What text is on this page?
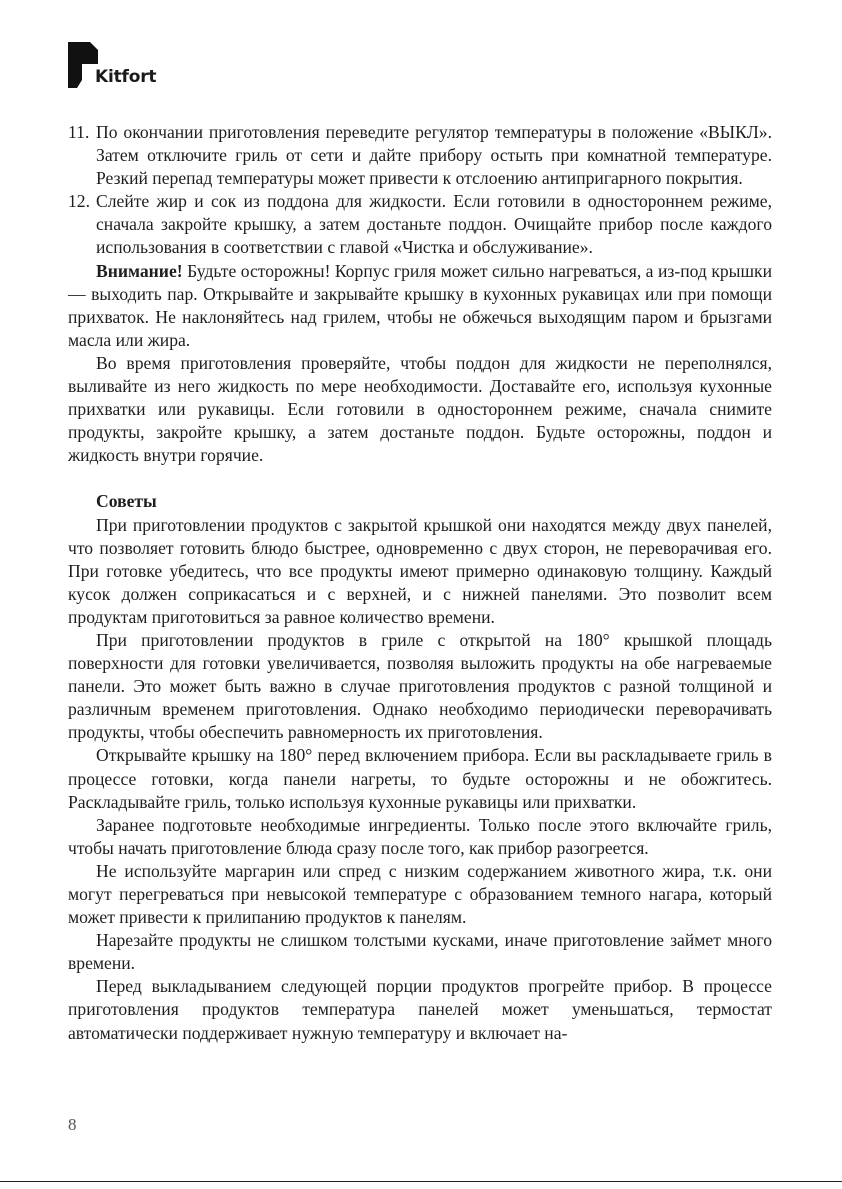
Kitfort
11. По окончании приготовления переведите регулятор температуры в положение «ВЫКЛ». Затем отключите гриль от сети и дайте прибору остыть при комнатной температуре. Резкий перепад температуры может привести к отслоению антипригарного покрытия.
12. Слейте жир и сок из поддона для жидкости. Если готовили в одностороннем режиме, сначала закройте крышку, а затем достаньте поддон. Очищайте прибор после каждого использования в соответствии с главой «Чистка и обслуживание».

Внимание! Будьте осторожны! Корпус гриля может сильно нагреваться, а из-под крышки — выходить пар. Открывайте и закрывайте крышку в кухонных рукавицах или при помощи прихваток. Не наклоняйтесь над грилем, чтобы не обжечься выходящим паром и брызгами масла или жира.

Во время приготовления проверяйте, чтобы поддон для жидкости не переполнялся, выливайте из него жидкость по мере необходимости. Доставайте его, используя кухонные прихватки или рукавицы. Если готовили в одностороннем режиме, сначала снимите продукты, закройте крышку, а затем достаньте поддон. Будьте осторожны, поддон и жидкость внутри горячие.

Советы

При приготовлении продуктов с закрытой крышкой они находятся между двух панелей, что позволяет готовить блюдо быстрее, одновременно с двух сторон, не переворачивая его. При готовке убедитесь, что все продукты имеют примерно одинаковую толщину. Каждый кусок должен соприкасаться и с верхней, и с нижней панелями. Это позволит всем продуктам приготовиться за равное количество времени.

При приготовлении продуктов в гриле с открытой на 180° крышкой площадь поверхности для готовки увеличивается, позволяя выложить продукты на обе нагреваемые панели. Это может быть важно в случае приготовления продуктов с разной толщиной и различным временем приготовления. Однако необходимо периодически переворачивать продукты, чтобы обеспечить равномерность их приготовления.

Открывайте крышку на 180° перед включением прибора. Если вы раскладываете гриль в процессе готовки, когда панели нагреты, то будьте осторожны и не обожгитесь. Раскладывайте гриль, только используя кухонные рукавицы или прихватки.

Заранее подготовьте необходимые ингредиенты. Только после этого включайте гриль, чтобы начать приготовление блюда сразу после того, как прибор разогреется.

Не используйте маргарин или спред с низким содержанием животного жира, т.к. они могут перегреваться при невысокой температуре с образованием темного нагара, который может привести к прилипанию продуктов к панелям.

Нарезайте продукты не слишком толстыми кусками, иначе приготовление займет много времени.

Перед выкладыванием следующей порции продуктов прогрейте прибор. В процессе приготовления продуктов температура панелей может уменьшаться, термостат автоматически поддерживает нужную температуру и включает на-

8
